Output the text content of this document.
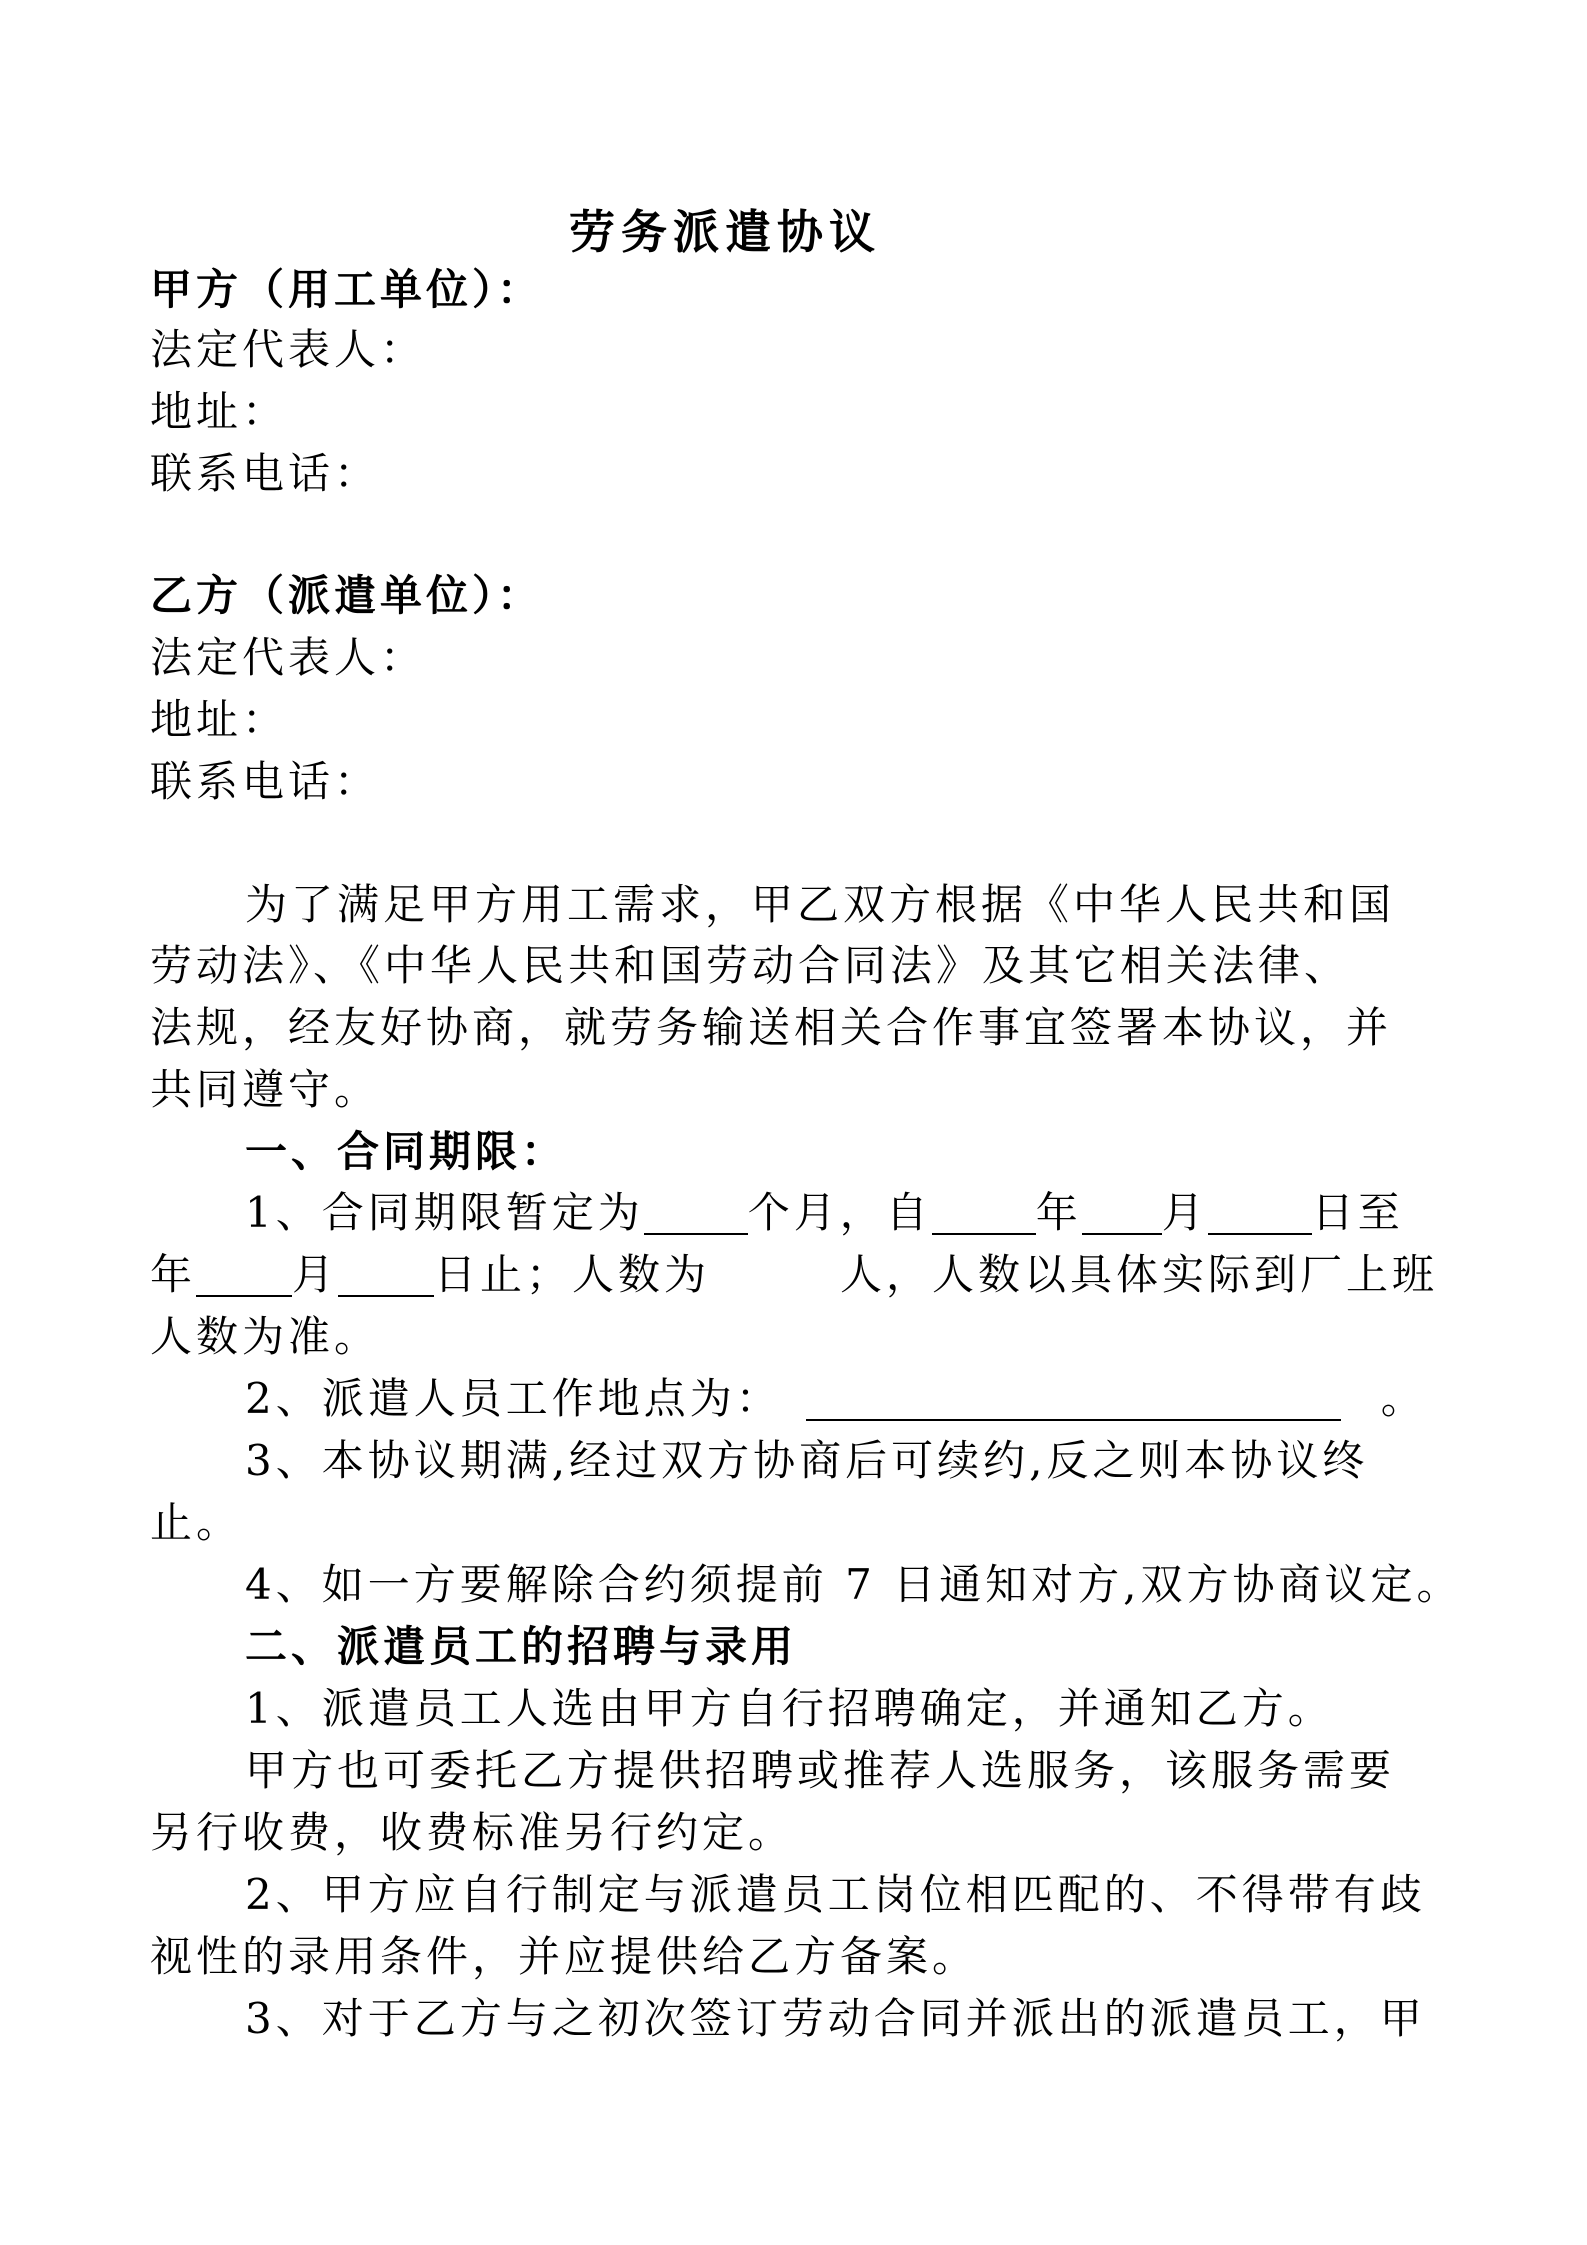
劳务派遣协议
甲方（用工单位）：
法定代表人：
地址：
联系电话：
乙方（派遣单位）：
法定代表人：
地址：
联系电话：
为了满足甲方用工需求，甲乙双方根据《中华人民共和国
劳动法》、《中华人民共和国劳动合同法》及其它相关法律、
法规，经友好协商，就劳务输送相关合作事宜签署本协议，并
共同遵守。
一、合同期限：
1、合同期限暂定为 个月，自 年 月 日至
年 月 日止；人数为	人，人数以具体实际到厂上班
人数为准。
2、派遣人员工作地点为：	。
3、本协议期满,经过双方协商后可续约,反之则本协议终
止。
4、如一方要解除合约须提前 7 日通知对方,双方协商议定。
二、派遣员工的招聘与录用
1、派遣员工人选由甲方自行招聘确定，并通知乙方。
甲方也可委托乙方提供招聘或推荐人选服务，该服务需要
另行收费，收费标准另行约定。
2、甲方应自行制定与派遣员工岗位相匹配的、不得带有歧
视性的录用条件，并应提供给乙方备案。
3、对于乙方与之初次签订劳动合同并派出的派遣员工，甲
